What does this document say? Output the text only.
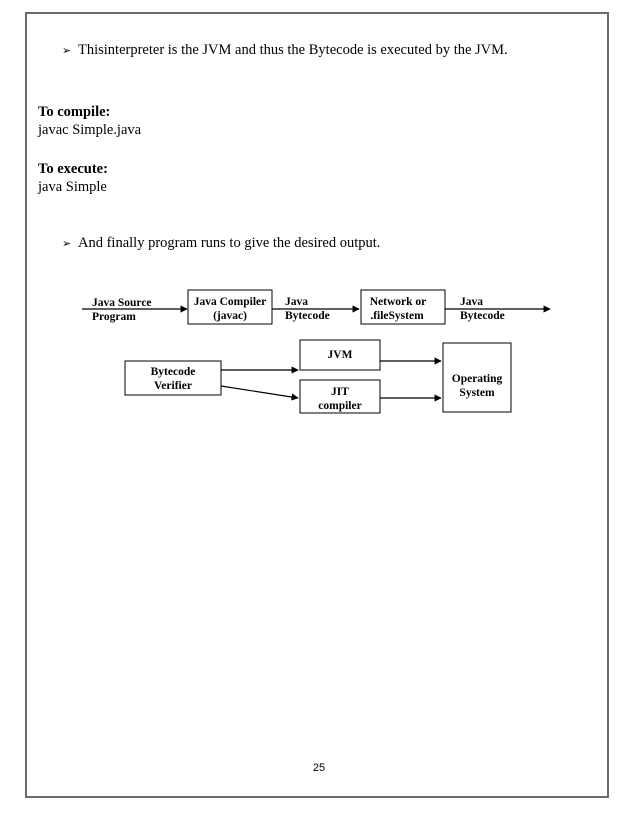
➢ Thisinterpreter is the JVM and thus the Bytecode is executed by the JVM.
To compile:
javac Simple.java
To execute:
java Simple
➢ And finally program runs to give the desired output.
Java Source
Program
Java Compiler
(javac)
Java
Bytecode
Network or
.fileSystem
Java
Bytecode
Bytecode
Verifier
JVM
JIT
compiler
Operating
System
25
